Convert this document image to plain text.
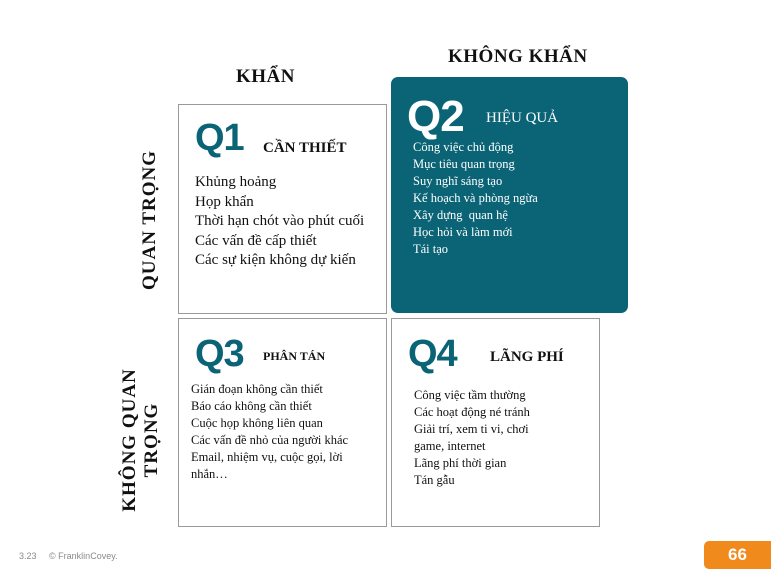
KHẨN
KHÔNG KHẨN
QUAN TRỌNG
KHÔNG QUAN TRỌNG
Q1 CẦN THIẾT
Khủng hoảng
Họp khẩn
Thời hạn chót vào phút cuối
Các vấn đề cấp thiết
Các sự kiện không dự kiến
Q2 HIỆU QUẢ
Công việc chủ động
Mục tiêu quan trọng
Suy nghĩ sáng tạo
Kế hoạch và phòng ngừa
Xây dựng  quan hệ
Học hỏi và làm mới
Tái tạo
Q3 PHÂN TÁN
Gián đoạn không cần thiết
Báo cáo không cần thiết
Cuộc họp không liên quan
Các vấn đề nhỏ của người khác
Email, nhiệm vụ, cuộc gọi, lời nhắn…
Q4 LÃNG PHÍ
Công việc tầm thường
Các hoạt động né tránh
Giải trí, xem ti vi, chơi game, internet
Lãng phí thời gian
Tán gẫu
3.23 © FranklinCovey.	66
